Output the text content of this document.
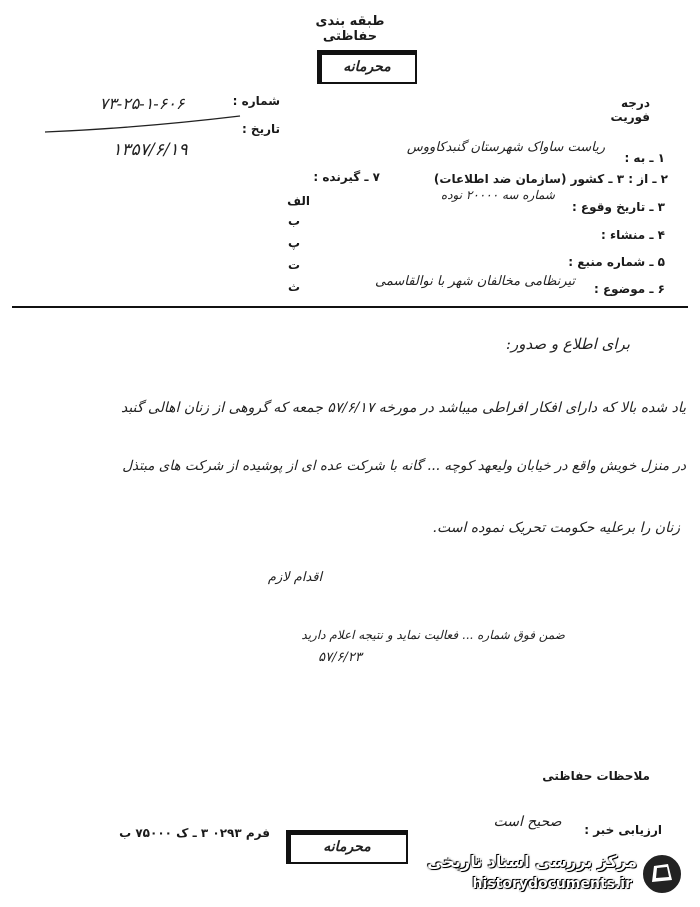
طبقه بندی حفاظتی
محرمانه
درجه فوریت
شماره :
۷۳-۲۵-۱-۶۰۶
تاریخ :
۱۳۵۷/۶/۱۹	۱ ـ به :
ریاست ساواک شهرستان گنبدکاووس
۲ ـ از : ۳ ـ کشور (سازمان ضد اطلاعات)
۷ ـ گیرنده :
۳ ـ تاریخ وقوع :
شماره سه ۲۰۰۰۰ نوده
۴ ـ منشاء :
۵ ـ شماره منبع :
۶ ـ موضوع :
تیرنظامی مخالفان شهر با نوالقاسمی
الف
ب
پ
ت
ث
برای اطلاع و صدور:
یاد شده بالا که دارای افکار افراطی میباشد در مورخه ۵۷/۶/۱۷ جمعه که گروهی از زنان اهالی گنبد
در منزل خویش واقع در خیابان ولیعهد کوچه ... گانه با شرکت عده ای از پوشیده از شرکت های مبتذل
زنان را برعلیه حکومت تحریک نموده است.
اقدام لازم
ضمن فوق شماره ... فعالیت نماید و نتیجه اعلام دارید
۵۷/۶/۲۳
ملاحظات حفاظتی
ارزیابی خبر :
صحیح است
محرمانه
فرم ۰۲۹۳ ۳ ـ ک ۷۵۰۰۰ ب
مرکز بررسی اسناد تاریخی
historydocuments.ir
